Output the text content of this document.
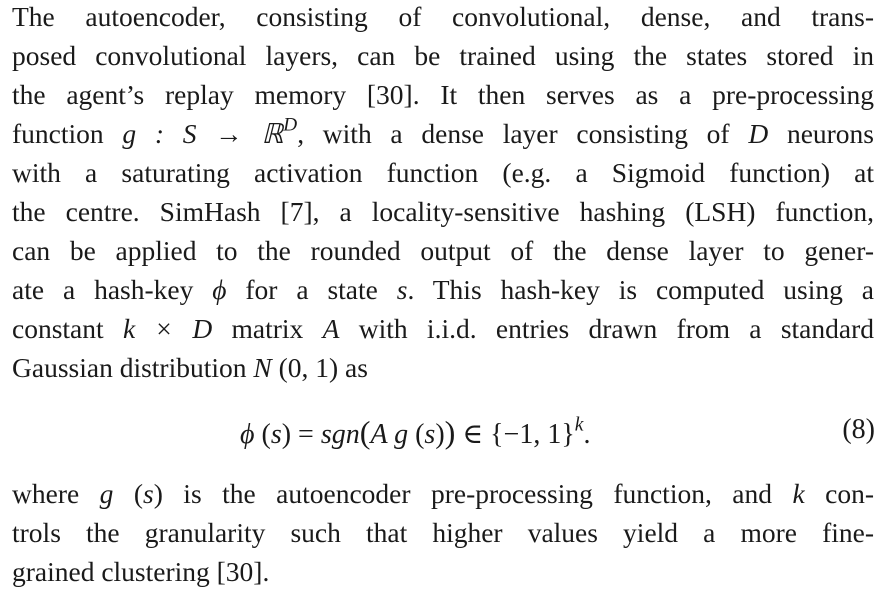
The autoencoder, consisting of convolutional, dense, and trans-
posed convolutional layers, can be trained using the states stored in
the agent’s replay memory [30]. It then serves as a pre-processing
function g : S → ℝ$^D$, with a dense layer consisting of D neurons
with a saturating activation function (e.g. a Sigmoid function) at
the centre. SimHash [7], a locality-sensitive hashing (LSH) function,
can be applied to the rounded output of the dense layer to gener-
ate a hash-key ϕ for a state s. This hash-key is computed using a
constant k × D matrix A with i.i.d. entries drawn from a standard
Gaussian distribution N (0, 1) as
ϕ (s) = sgn(A g (s)) ∈ {−1, 1}$^k$.	(8)
where g (s) is the autoencoder pre-processing function, and k con-
trols the granularity such that higher values yield a more fine-
grained clustering [30].
